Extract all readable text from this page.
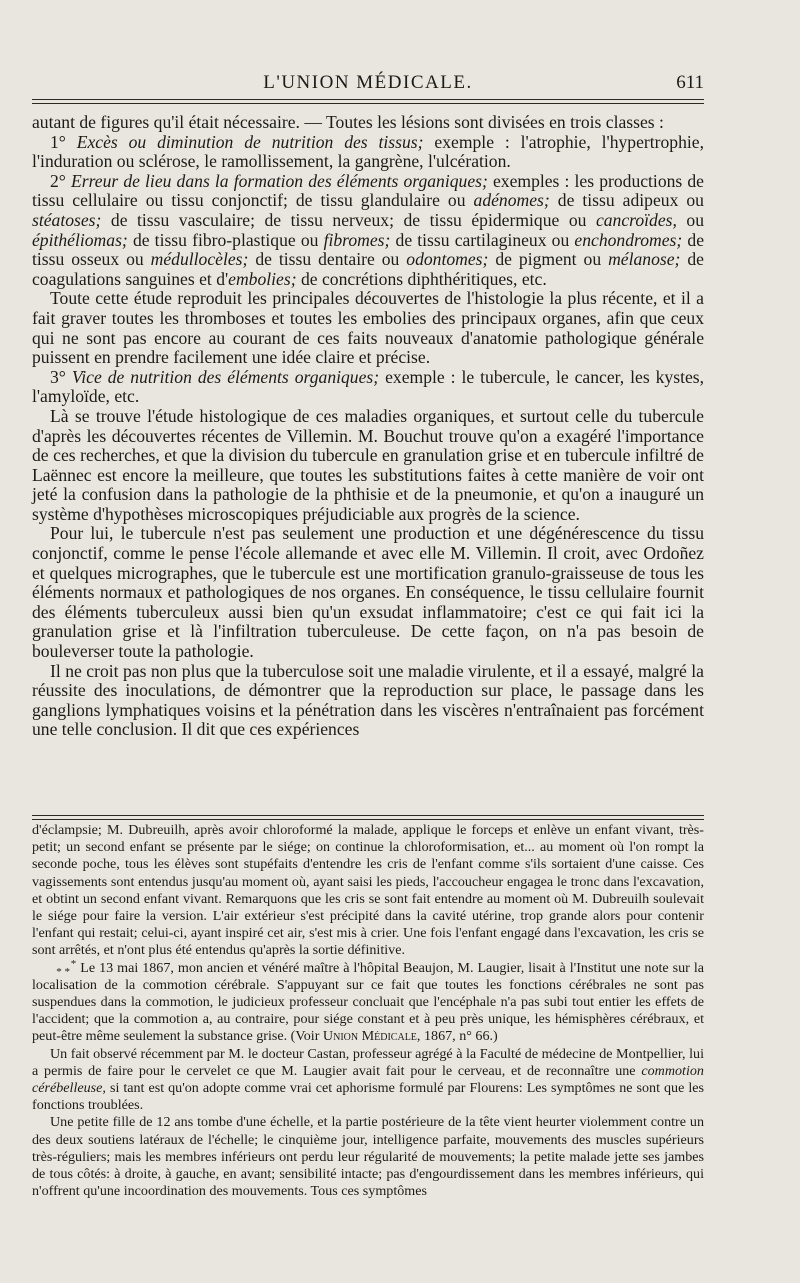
L'UNION MÉDICALE.	611

autant de figures qu'il était nécessaire. — Toutes les lésions sont divisées en trois classes :

1° Excès ou diminution de nutrition des tissus; exemple : l'atrophie, l'hypertrophie, l'induration ou sclérose, le ramollissement, la gangrène, l'ulcération.

2° Erreur de lieu dans la formation des éléments organiques; exemples : les productions de tissu cellulaire ou tissu conjonctif; de tissu glandulaire ou adénomes; de tissu adipeux ou stéatoses; de tissu vasculaire; de tissu nerveux; de tissu épidermique ou cancroïdes, ou épithéliomas; de tissu fibro-plastique ou fibromes; de tissu cartilagineux ou enchondromes; de tissu osseux ou médullocèles; de tissu dentaire ou odontomes; de pigment ou mélanose; de coagulations sanguines et d'embolies; de concrétions diphthéritiques, etc.

Toute cette étude reproduit les principales découvertes de l'histologie la plus récente, et il a fait graver toutes les thromboses et toutes les embolies des principaux organes, afin que ceux qui ne sont pas encore au courant de ces faits nouveaux d'anatomie pathologique générale puissent en prendre facilement une idée claire et précise.

3° Vice de nutrition des éléments organiques; exemple : le tubercule, le cancer, les kystes, l'amyloïde, etc.

Là se trouve l'étude histologique de ces maladies organiques, et surtout celle du tubercule d'après les découvertes récentes de Villemin. M. Bouchut trouve qu'on a exagéré l'importance de ces recherches, et que la division du tubercule en granulation grise et en tubercule infiltré de Laënnec est encore la meilleure, que toutes les substitutions faites à cette manière de voir ont jeté la confusion dans la pathologie de la phthisie et de la pneumonie, et qu'on a inauguré un système d'hypothèses microscopiques préjudiciable aux progrès de la science.

Pour lui, le tubercule n'est pas seulement une production et une dégénérescence du tissu conjonctif, comme le pense l'école allemande et avec elle M. Villemin. Il croit, avec Ordoñez et quelques micrographes, que le tubercule est une mortification granulo-graisseuse de tous les éléments normaux et pathologiques de nos organes. En conséquence, le tissu cellulaire fournit des éléments tuberculeux aussi bien qu'un exsudat inflammatoire; c'est ce qui fait ici la granulation grise et là l'infiltration tuberculeuse. De cette façon, on n'a pas besoin de bouleverser toute la pathologie.

Il ne croit pas non plus que la tuberculose soit une maladie virulente, et il a essayé, malgré la réussite des inoculations, de démontrer que la reproduction sur place, le passage dans les ganglions lymphatiques voisins et la pénétration dans les viscères n'entraînaient pas forcément une telle conclusion. Il dit que ces expériences

d'éclampsie; M. Dubreuilh, après avoir chloroformé la malade, applique le forceps et enlève un enfant vivant, très-petit; un second enfant se présente par le siége; on continue la chloroformisation, et... au moment où l'on rompt la seconde poche, tous les élèves sont stupéfaits d'entendre les cris de l'enfant comme s'ils sortaient d'une caisse. Ces vagissements sont entendus jusqu'au moment où, ayant saisi les pieds, l'accoucheur engagea le tronc dans l'excavation, et obtint un second enfant vivant. Remarquons que les cris se sont fait entendre au moment où M. Dubreuilh soulevait le siége pour faire la version. L'air extérieur s'est précipité dans la cavité utérine, trop grande alors pour contenir l'enfant qui restait; celui-ci, ayant inspiré cet air, s'est mis à crier. Une fois l'enfant engagé dans l'excavation, les cris se sont arrêtés, et n'ont plus été entendus qu'après la sortie définitive.

*
* * Le 13 mai 1867, mon ancien et vénéré maître à l'hôpital Beaujon, M. Laugier, lisait à l'Institut une note sur la localisation de la commotion cérébrale. S'appuyant sur ce fait que toutes les fonctions cérébrales ne sont pas suspendues dans la commotion, le judicieux professeur concluait que l'encéphale n'a pas subi tout entier les effets de l'accident; que la commotion a, au contraire, pour siége constant et à peu près unique, les hémisphères cérébraux, et peut-être même seulement la substance grise. (Voir Union Médicale, 1867, n° 66.)

Un fait observé récemment par M. le docteur Castan, professeur agrégé à la Faculté de médecine de Montpellier, lui a permis de faire pour le cervelet ce que M. Laugier avait fait pour le cerveau, et de reconnaître une commotion cérébelleuse, si tant est qu'on adopte comme vrai cet aphorisme formulé par Flourens: Les symptômes ne sont que les fonctions troublées.

Une petite fille de 12 ans tombe d'une échelle, et la partie postérieure de la tête vient heurter violemment contre un des deux soutiens latéraux de l'échelle; le cinquième jour, intelligence parfaite, mouvements des muscles supérieurs très-réguliers; mais les membres inférieurs ont perdu leur régularité de mouvements; la petite malade jette ses jambes de tous côtés: à droite, à gauche, en avant; sensibilité intacte; pas d'engourdissement dans les membres inférieurs, qui n'offrent qu'une incoordination des mouvements. Tous ces symptômes
